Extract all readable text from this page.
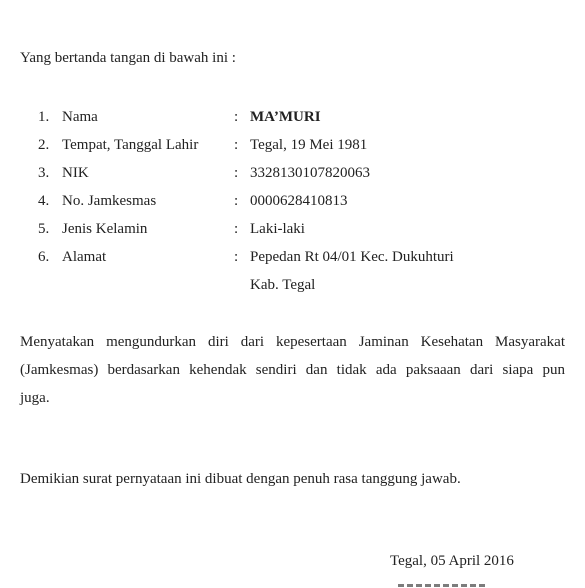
Yang bertanda tangan di bawah ini :
1. Nama	: MA’MURI
2. Tempat, Tanggal Lahir : Tegal, 19 Mei 1981
3. NIK	: 3328130107820063
4. No. Jamkesmas	: 0000628410813
5. Jenis Kelamin	: Laki-laki
6. Alamat	: Pepedan Rt 04/01 Kec. Dukuhturi
Kab. Tegal
Menyatakan mengundurkan diri dari kepesertaan Jaminan Kesehatan Masyarakat
(Jamkesmas) berdasarkan kehendak sendiri dan tidak ada paksaaan dari siapa pun
juga.
Demikian surat pernyataan ini dibuat dengan penuh rasa tanggung jawab.
Tegal, 05 April 2016
